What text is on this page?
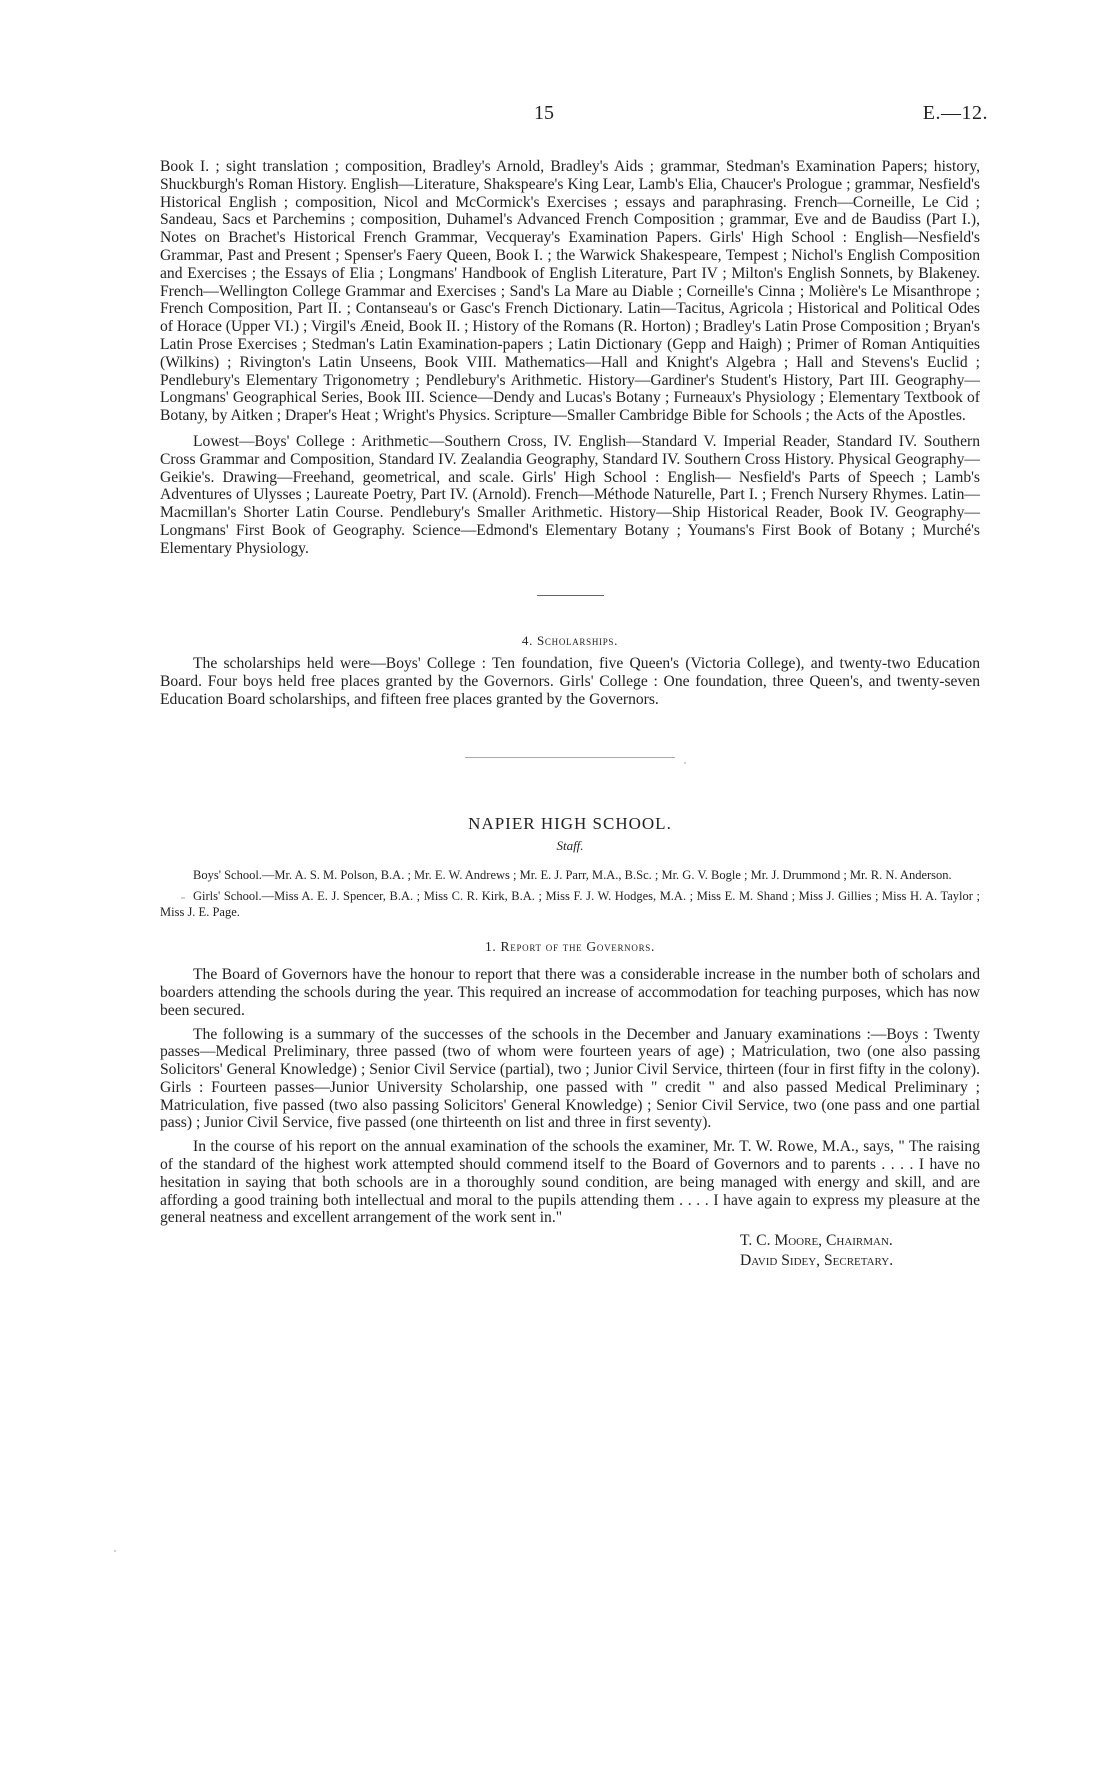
15	E.—12.

Book I. ; sight translation ; composition, Bradley's Arnold, Bradley's Aids ; grammar, Stedman's Examination Papers; history, Shuckburgh's Roman History. English—Literature, Shakspeare's King Lear, Lamb's Elia, Chaucer's Prologue ; grammar, Nesfield's Historical English ; composition, Nicol and McCormick's Exercises ; essays and paraphrasing. French—Corneille, Le Cid ; Sandeau, Sacs et Parchemins ; composition, Duhamel's Advanced French Composition ; grammar, Eve and de Baudiss (Part I.), Notes on Brachet's Historical French Grammar, Vecqueray's Examination Papers. Girls' High School : English—Nesfield's Grammar, Past and Present ; Spenser's Faery Queen, Book I. ; the Warwick Shakespeare, Tempest ; Nichol's English Composition and Exercises ; the Essays of Elia ; Longmans' Handbook of English Literature, Part IV ; Milton's English Sonnets, by Blakeney. French—Wellington College Grammar and Exercises ; Sand's La Mare au Diable ; Corneille's Cinna ; Molière's Le Misanthrope ; French Composition, Part II. ; Contanseau's or Gasc's French Dictionary. Latin—Tacitus, Agricola ; Historical and Political Odes of Horace (Upper VI.) ; Virgil's Æneid, Book II. ; History of the Romans (R. Horton) ; Bradley's Latin Prose Composition ; Bryan's Latin Prose Exercises ; Stedman's Latin Examination-papers ; Latin Dictionary (Gepp and Haigh) ; Primer of Roman Antiquities (Wilkins) ; Rivington's Latin Unseens, Book VIII. Mathematics—Hall and Knight's Algebra ; Hall and Stevens's Euclid ; Pendlebury's Elementary Trigonometry ; Pendlebury's Arithmetic. History—Gardiner's Student's History, Part III. Geography—Longmans' Geographical Series, Book III. Science—Dendy and Lucas's Botany ; Furneaux's Physiology ; Elementary Textbook of Botany, by Aitken ; Draper's Heat ; Wright's Physics. Scripture—Smaller Cambridge Bible for Schools ; the Acts of the Apostles.

Lowest—Boys' College : Arithmetic—Southern Cross, IV. English—Standard V. Imperial Reader, Standard IV. Southern Cross Grammar and Composition, Standard IV. Zealandia Geography, Standard IV. Southern Cross History. Physical Geography—Geikie's. Drawing—Freehand, geometrical, and scale. Girls' High School : English— Nesfield's Parts of Speech ; Lamb's Adventures of Ulysses ; Laureate Poetry, Part IV. (Arnold). French—Méthode Naturelle, Part I. ; French Nursery Rhymes. Latin—Macmillan's Shorter Latin Course. Pendlebury's Smaller Arithmetic. History—Ship Historical Reader, Book IV. Geography—Longmans' First Book of Geography. Science—Edmond's Elementary Botany ; Youmans's First Book of Botany ; Murché's Elementary Physiology.

4. Scholarships.

The scholarships held were—Boys' College : Ten foundation, five Queen's (Victoria College), and twenty-two Education Board. Four boys held free places granted by the Governors. Girls' College : One foundation, three Queen's, and twenty-seven Education Board scholarships, and fifteen free places granted by the Governors.

NAPIER HIGH SCHOOL.
Staff.

Boys' School.—Mr. A. S. M. Polson, B.A. ; Mr. E. W. Andrews ; Mr. E. J. Parr, M.A., B.Sc. ; Mr. G. V. Bogle ; Mr. J. Drummond ; Mr. R. N. Anderson.

Girls' School.—Miss A. E. J. Spencer, B.A. ; Miss C. R. Kirk, B.A. ; Miss F. J. W. Hodges, M.A. ; Miss E. M. Shand ; Miss J. Gillies ; Miss H. A. Taylor ; Miss J. E. Page.

1. Report of the Governors.

The Board of Governors have the honour to report that there was a considerable increase in the number both of scholars and boarders attending the schools during the year. This required an increase of accommodation for teaching purposes, which has now been secured.

The following is a summary of the successes of the schools in the December and January examinations :—Boys : Twenty passes—Medical Preliminary, three passed (two of whom were fourteen years of age) ; Matriculation, two (one also passing Solicitors' General Knowledge) ; Senior Civil Service (partial), two ; Junior Civil Service, thirteen (four in first fifty in the colony). Girls : Fourteen passes—Junior University Scholarship, one passed with " credit " and also passed Medical Preliminary ; Matriculation, five passed (two also passing Solicitors' General Knowledge) ; Senior Civil Service, two (one pass and one partial pass) ; Junior Civil Service, five passed (one thirteenth on list and three in first seventy).

In the course of his report on the annual examination of the schools the examiner, Mr. T. W. Rowe, M.A., says, " The raising of the standard of the highest work attempted should commend itself to the Board of Governors and to parents . . . . I have no hesitation in saying that both schools are in a thoroughly sound condition, are being managed with energy and skill, and are affording a good training both intellectual and moral to the pupils attending them . . . . I have again to express my pleasure at the general neatness and excellent arrangement of the work sent in."

T. C. Moore, Chairman.
David Sidey, Secretary.
